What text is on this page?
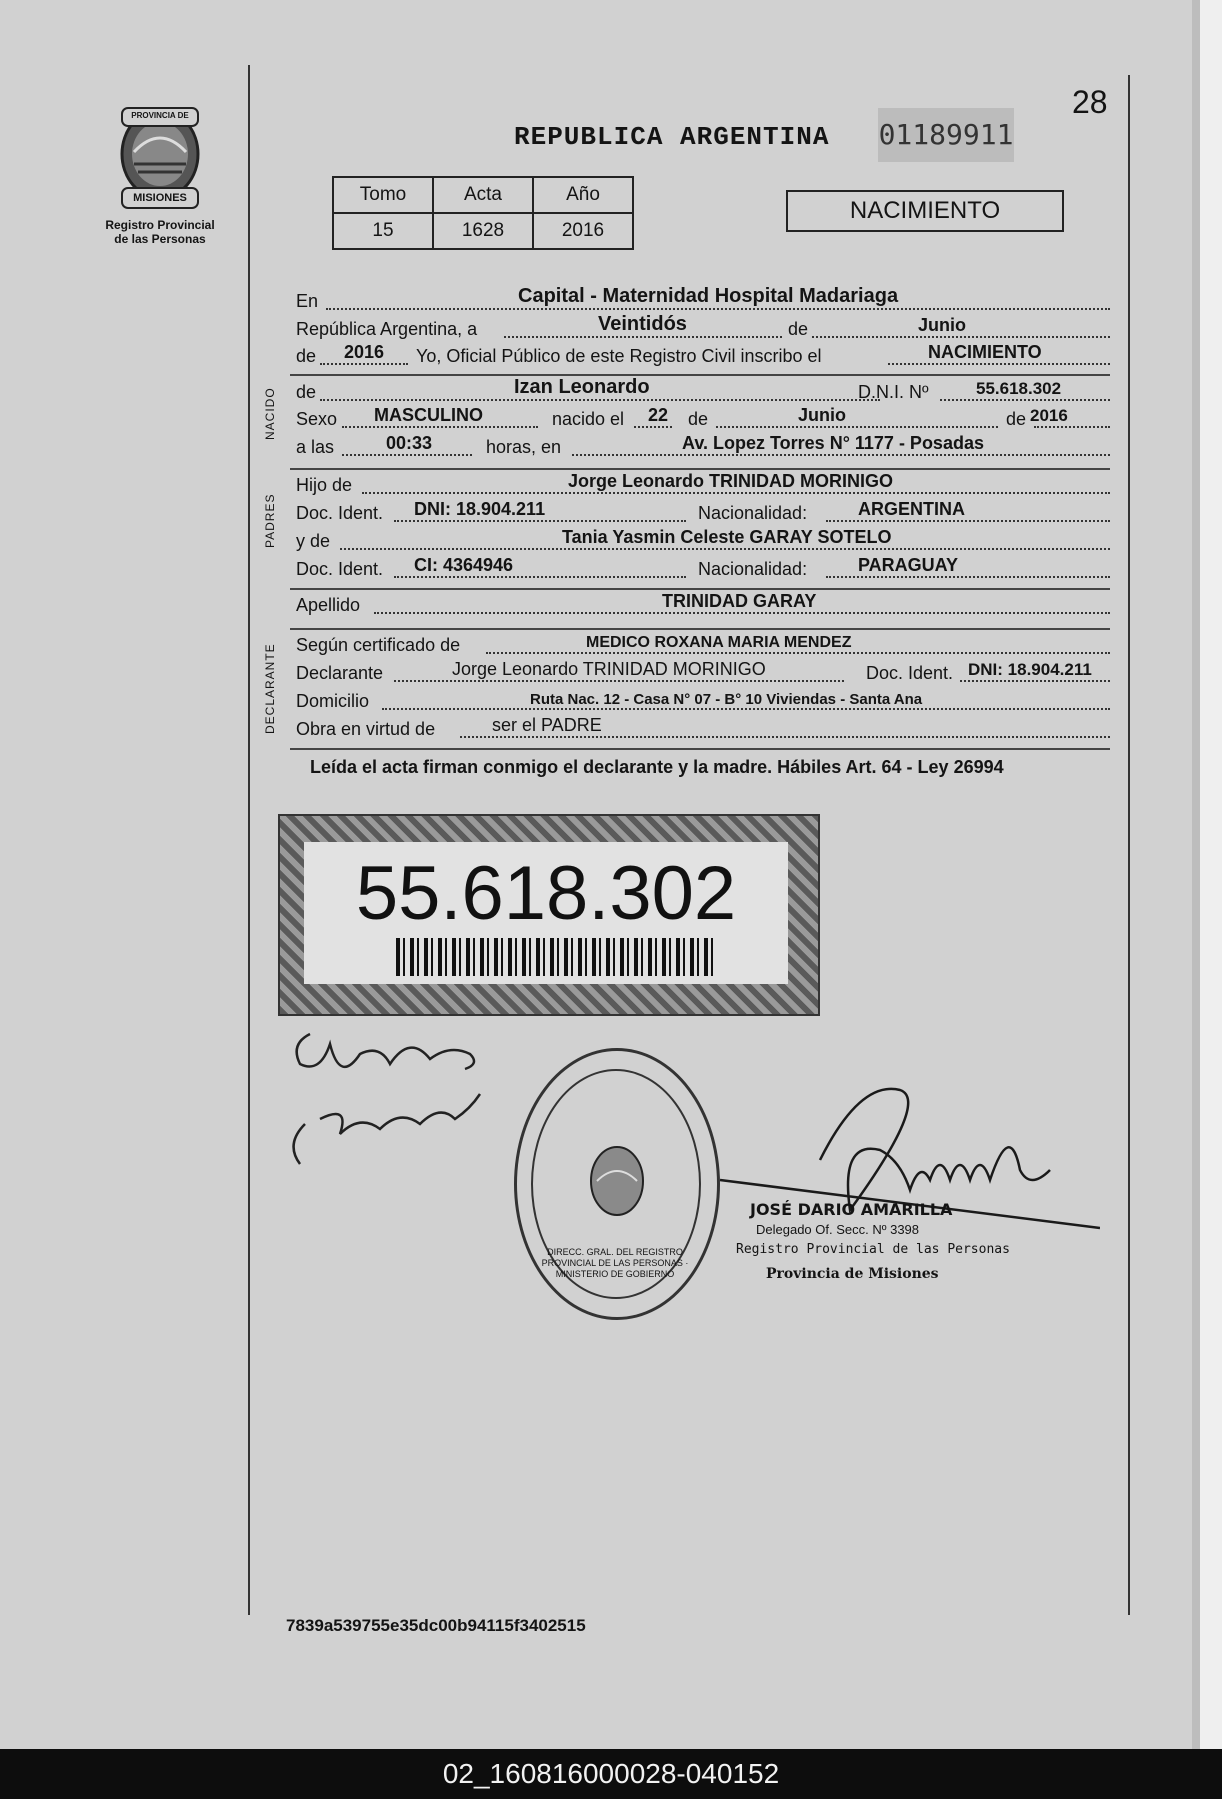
28
PROVINCIA DE
MISIONES
Registro Provincial
de las Personas
REPUBLICA ARGENTINA 01189911
Tomo	Acta	Año
15	1628	2016
NACIMIENTO
En	Capital - Maternidad Hospital Madariaga
República Argentina, a	Veintidós	de	Junio
de 2016 Yo, Oficial Público de este Registro Civil inscribo el	NACIMIENTO
NACIDO de	Izan Leonardo	D.N.I. Nº	55.618.302
Sexo MASCULINO	nacido el 22 de	Junio	de 2016
a las	00:33	horas, en	Av. Lopez Torres N° 1177 - Posadas
PADRES
Hijo de	Jorge Leonardo TRINIDAD MORINIGO
Doc. Ident. DNI: 18.904.211	Nacionalidad:	ARGENTINA
y de	Tania Yasmin Celeste GARAY SOTELO
Doc. Ident. CI: 4364946	Nacionalidad:	PARAGUAY
Apellido	TRINIDAD GARAY
DECLARANTE Según certificado de	MEDICO ROXANA MARIA MENDEZ
Declarante	Jorge Leonardo TRINIDAD MORINIGO	Doc. Ident. DNI: 18.904.211
Domicilio	Ruta Nac. 12 - Casa N° 07 - B° 10 Viviendas - Santa Ana
Obra en virtud de	ser el PADRE
Leída el acta firman conmigo el declarante y la madre. Hábiles Art. 64 - Ley 26994
55.618.302
DIRECC. GRAL. DEL REGISTRO PROVINCIAL DE LAS PERSONAS · MINISTERIO DE GOBIERNO
JOSÉ DARIO AMARILLA
Delegado Of. Secc. Nº 3398
Registro Provincial de las Personas
Provincia de Misiones
7839a539755e35dc00b94115f3402515
02_160816000028-040152
